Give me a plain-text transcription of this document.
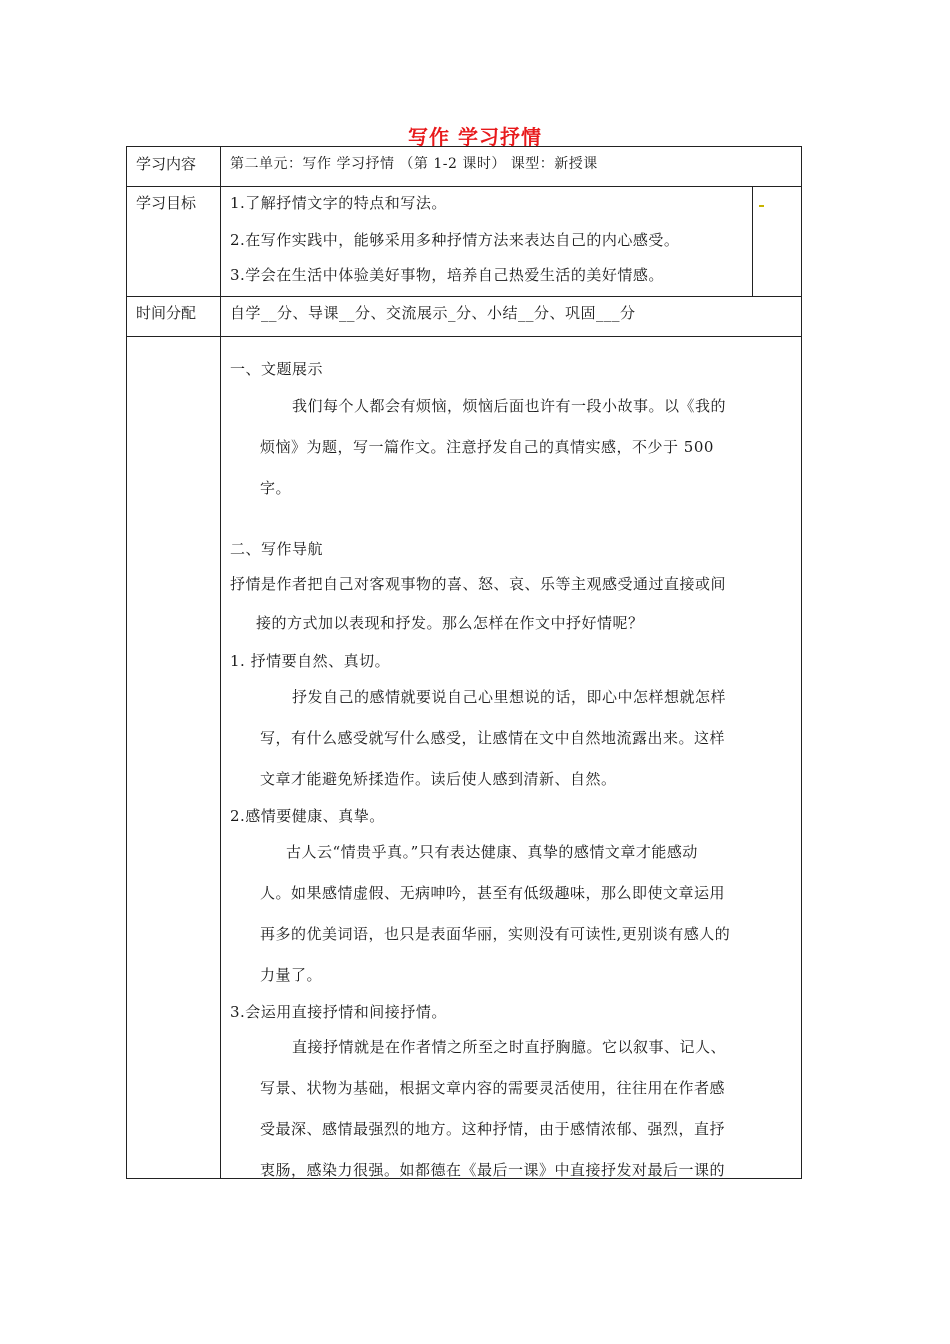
写作 学习抒情
学习内容
学习目标
时间分配
第二单元：写作 学习抒情 （第 1-2 课时） 课型：新授课
1.了解抒情文字的特点和写法。
2.在写作实践中，能够采用多种抒情方法来表达自己的内心感受。
3.学会在生活中体验美好事物，培养自己热爱生活的美好情感。
自学__分、导课__分、交流展示_分、小结__分、巩固___分
一、文题展示
我们每个人都会有烦恼，烦恼后面也许有一段小故事。以《我的
烦恼》为题，写一篇作文。注意抒发自己的真情实感，不少于 500
字。
二、写作导航
抒情是作者把自己对客观事物的喜、怒、哀、乐等主观感受通过直接或间
接的方式加以表现和抒发。那么怎样在作文中抒好情呢？
1. 抒情要自然、真切。
抒发自己的感情就要说自己心里想说的话，即心中怎样想就怎样
写，有什么感受就写什么感受，让感情在文中自然地流露出来。这样
文章才能避免矫揉造作。读后使人感到清新、自然。
2.感情要健康、真挚。
古人云“情贵乎真。”只有表达健康、真挚的感情文章才能感动
人。如果感情虚假、无病呻吟，甚至有低级趣味，那么即使文章运用
再多的优美词语，也只是表面华丽，实则没有可读性,更别谈有感人的
力量了。
3.会运用直接抒情和间接抒情。
直接抒情就是在作者情之所至之时直抒胸臆。它以叙事、记人、
写景、状物为基础，根据文章内容的需要灵活使用，往往用在作者感
受最深、感情最强烈的地方。这种抒情，由于感情浓郁、强烈，直抒
衷肠，感染力很强。如都德在《最后一课》中直接抒发对最后一课的
